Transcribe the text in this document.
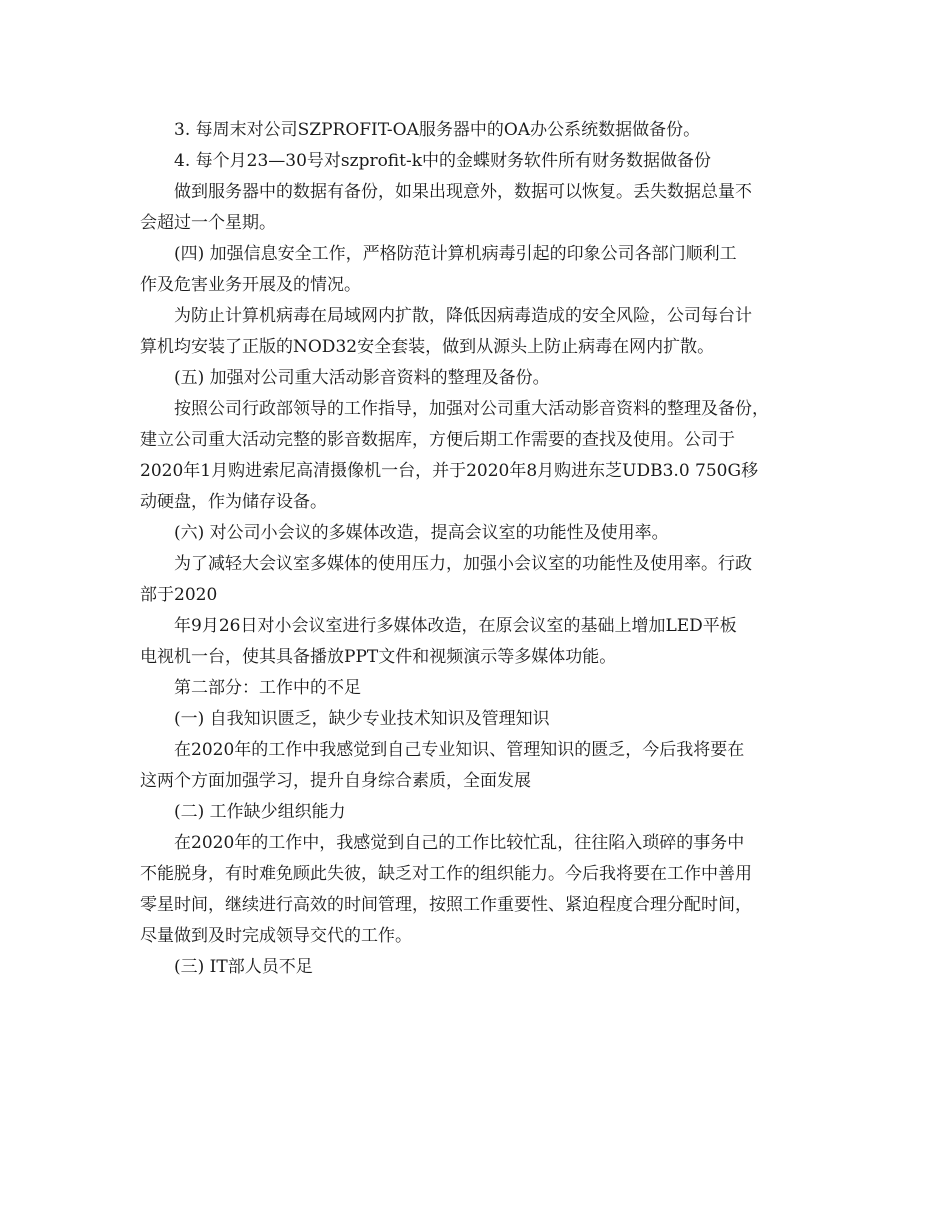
3. 每周末对公司SZPROFIT-OA服务器中的OA办公系统数据做备份。
4. 每个月23—30号对szprofit-k中的金蝶财务软件所有财务数据做备份
做到服务器中的数据有备份，如果出现意外，数据可以恢复。丢失数据总量不
会超过一个星期。
(四) 加强信息安全工作，严格防范计算机病毒引起的印象公司各部门顺利工
作及危害业务开展及的情况。
为防止计算机病毒在局域网内扩散，降低因病毒造成的安全风险，公司每台计
算机均安装了正版的NOD32安全套装，做到从源头上防止病毒在网内扩散。
(五) 加强对公司重大活动影音资料的整理及备份。
按照公司行政部领导的工作指导，加强对公司重大活动影音资料的整理及备份，
建立公司重大活动完整的影音数据库，方便后期工作需要的查找及使用。公司于
2020年1月购进索尼高清摄像机一台，并于2020年8月购进东芝UDB3.0 750G移
动硬盘，作为储存设备。
(六) 对公司小会议的多媒体改造，提高会议室的功能性及使用率。
为了减轻大会议室多媒体的使用压力，加强小会议室的功能性及使用率。行政
部于2020
年9月26日对小会议室进行多媒体改造，在原会议室的基础上增加LED平板
电视机一台，使其具备播放PPT文件和视频演示等多媒体功能。
第二部分：工作中的不足
(一) 自我知识匮乏，缺少专业技术知识及管理知识
在2020年的工作中我感觉到自己专业知识、管理知识的匮乏，今后我将要在
这两个方面加强学习，提升自身综合素质，全面发展
(二) 工作缺少组织能力
在2020年的工作中，我感觉到自己的工作比较忙乱，往往陷入琐碎的事务中
不能脱身，有时难免顾此失彼，缺乏对工作的组织能力。今后我将要在工作中善用
零星时间，继续进行高效的时间管理，按照工作重要性、紧迫程度合理分配时间，
尽量做到及时完成领导交代的工作。
(三) IT部人员不足
